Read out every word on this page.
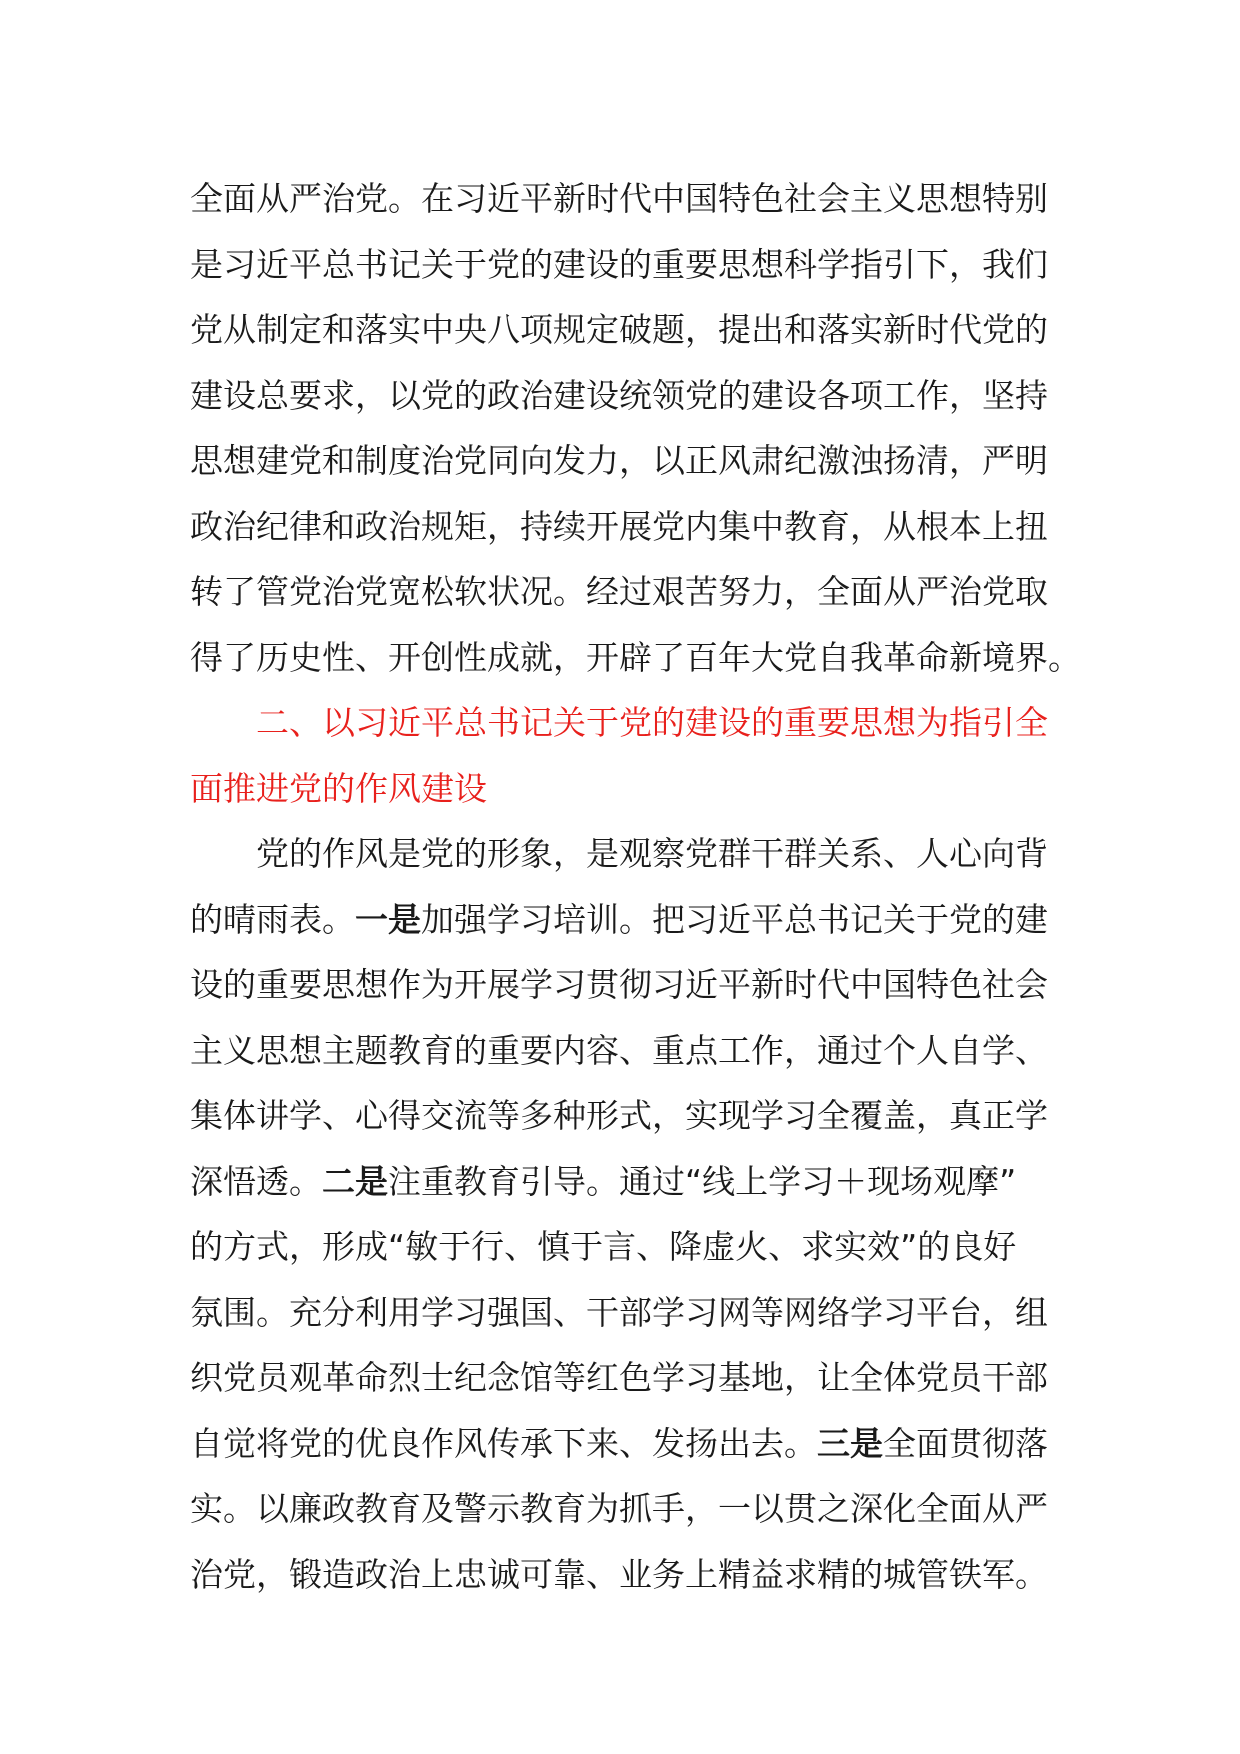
全面从严治党。在习近平新时代中国特色社会主义思想特别
是习近平总书记关于党的建设的重要思想科学指引下，我们
党从制定和落实中央八项规定破题，提出和落实新时代党的
建设总要求，以党的政治建设统领党的建设各项工作，坚持
思想建党和制度治党同向发力，以正风肃纪激浊扬清，严明
政治纪律和政治规矩，持续开展党内集中教育，从根本上扭
转了管党治党宽松软状况。经过艰苦努力，全面从严治党取
得了历史性、开创性成就，开辟了百年大党自我革命新境界。
二、以习近平总书记关于党的建设的重要思想为指引全
面推进党的作风建设
党的作风是党的形象，是观察党群干群关系、人心向背
的晴雨表。一是加强学习培训。把习近平总书记关于党的建
设的重要思想作为开展学习贯彻习近平新时代中国特色社会
主义思想主题教育的重要内容、重点工作，通过个人自学、
集体讲学、心得交流等多种形式，实现学习全覆盖，真正学
深悟透。二是注重教育引导。通过“线上学习＋现场观摩”
的方式，形成“敏于行、慎于言、降虚火、求实效”的良好
氛围。充分利用学习强国、干部学习网等网络学习平台，组
织党员观革命烈士纪念馆等红色学习基地，让全体党员干部
自觉将党的优良作风传承下来、发扬出去。三是全面贯彻落
实。以廉政教育及警示教育为抓手，一以贯之深化全面从严
治党，锻造政治上忠诚可靠、业务上精益求精的城管铁军。
